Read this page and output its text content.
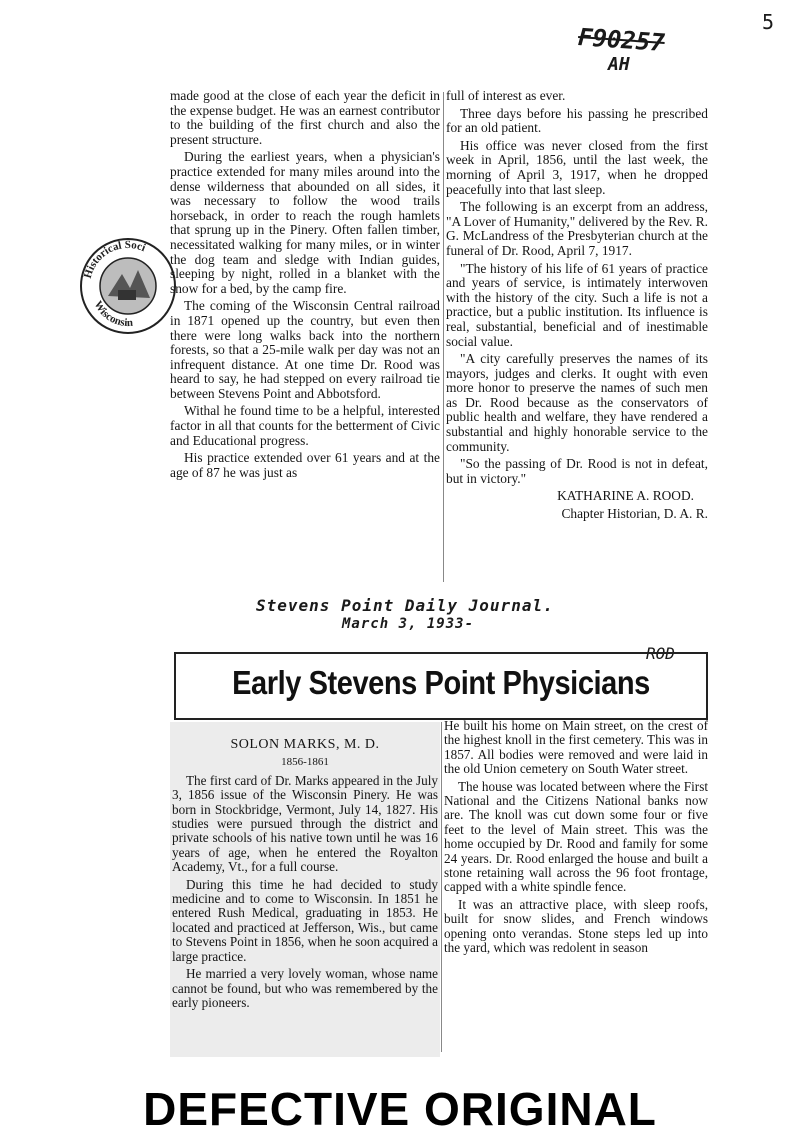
F90257
AH
5
Historical Soci
Wisconsin

made good at the close of each year the deficit in the expense budget. He was an earnest contributor to the building of the first church and also the present structure.

During the earliest years, when a physician's practice extended for many miles around into the dense wilderness that abounded on all sides, it was necessary to follow the wood trails horseback, in order to reach the rough hamlets that sprung up in the Pinery. Often fallen timber, necessitated walking for many miles, or in winter the dog team and sledge with Indian guides, sleeping by night, rolled in a blanket with the snow for a bed, by the camp fire.

The coming of the Wisconsin Central railroad in 1871 opened up the country, but even then there were long walks back into the northern forests, so that a 25-mile walk per day was not an infrequent distance. At one time Dr. Rood was heard to say, he had stepped on every railroad tie between Stevens Point and Abbotsford.

Withal he found time to be a helpful, interested factor in all that counts for the betterment of Civic and Educational progress.

His practice extended over 61 years and at the age of 87 he was just as

full of interest as ever.

Three days before his passing he prescribed for an old patient.

His office was never closed from the first week in April, 1856, until the last week, the morning of April 3, 1917, when he dropped peacefully into that last sleep.

The following is an excerpt from an address, "A Lover of Humanity," delivered by the Rev. R. G. McLandress of the Presbyterian church at the funeral of Dr. Rood, April 7, 1917.

"The history of his life of 61 years of practice and years of service, is intimately interwoven with the history of the city. Such a life is not a practice, but a public institution. Its influence is real, substantial, beneficial and of inestimable social value.

"A city carefully preserves the names of its mayors, judges and clerks. It ought with even more honor to preserve the names of such men as Dr. Rood because as the conservators of public health and welfare, they have rendered a substantial and highly honorable service to the community.

"So the passing of Dr. Rood is not in defeat, but in victory."

KATHARINE A. ROOD.

Chapter Historian, D. A. R.

Stevens Point Daily Journal.
March 3, 1933-
ROD
Early Stevens Point Physicians

SOLON MARKS, M. D.

1856-1861

The first card of Dr. Marks appeared in the July 3, 1856 issue of the Wisconsin Pinery. He was born in Stockbridge, Vermont, July 14, 1827. His studies were pursued through the district and private schools of his native town until he was 16 years of age, when he entered the Royalton Academy, Vt., for a full course.

During this time he had decided to study medicine and to come to Wisconsin. In 1851 he entered Rush Medical, graduating in 1853. He located and practiced at Jefferson, Wis., but came to Stevens Point in 1856, when he soon acquired a large practice.

He married a very lovely woman, whose name cannot be found, but who was remembered by the early pioneers.

He built his home on Main street, on the crest of the highest knoll in the first cemetery. This was in 1857. All bodies were removed and were laid in the old Union cemetery on South Water street.

The house was located between where the First National and the Citizens National banks now are. The knoll was cut down some four or five feet to the level of Main street. This was the home occupied by Dr. Rood and family for some 24 years. Dr. Rood enlarged the house and built a stone retaining wall across the 96 foot frontage, capped with a white spindle fence.

It was an attractive place, with sleep roofs, built for snow slides, and French windows opening onto verandas. Stone steps led up into the yard, which was redolent in season

DEFECTIVE ORIGINAL
